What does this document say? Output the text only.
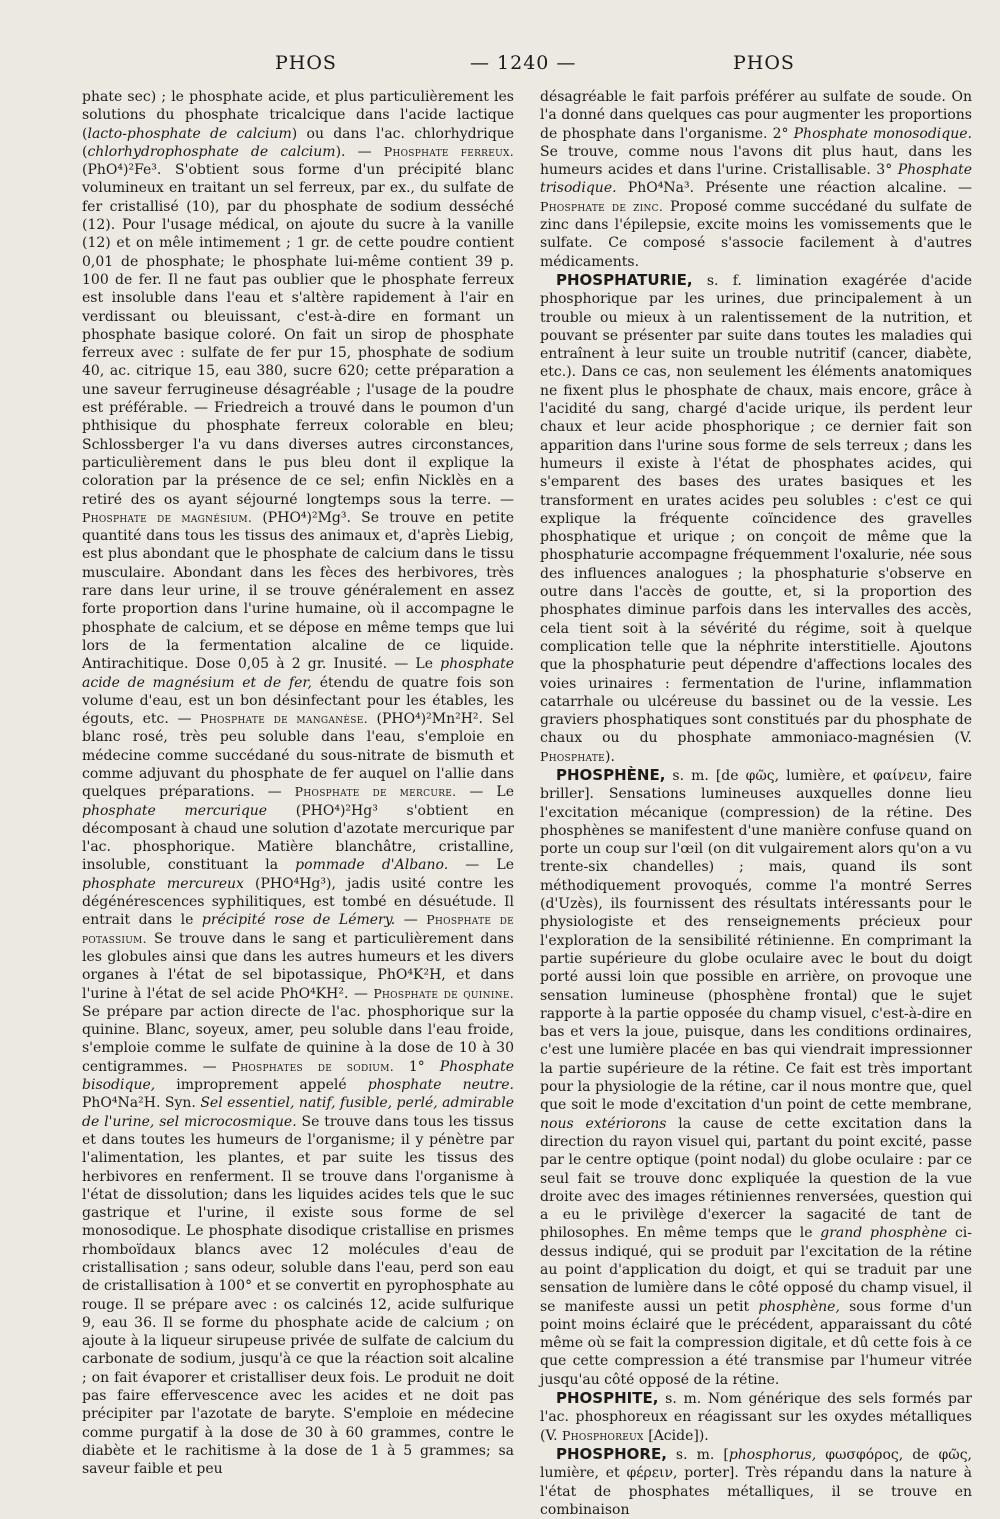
PHOS	— 1240 —	PHOS

phate sec) ; le phosphate acide, et plus particulièrement les solutions du phosphate tricalcique dans l'acide lactique (lacto-phosphate de calcium) ou dans l'ac. chlorhydrique (chlorhydrophosphate de calcium). — Phosphate ferreux. (PhO⁴)²Fe³. S'obtient sous forme d'un précipité blanc volumineux en traitant un sel ferreux, par ex., du sulfate de fer cristallisé (10), par du phosphate de sodium desséché (12). Pour l'usage médical, on ajoute du sucre à la vanille (12) et on mêle intimement ; 1 gr. de cette poudre contient 0,01 de phosphate; le phosphate lui-même contient 39 p. 100 de fer. Il ne faut pas oublier que le phosphate ferreux est insoluble dans l'eau et s'altère rapidement à l'air en verdissant ou bleuissant, c'est-à-dire en formant un phosphate basique coloré. On fait un sirop de phosphate ferreux avec : sulfate de fer pur 15, phosphate de sodium 40, ac. citrique 15, eau 380, sucre 620; cette préparation a une saveur ferrugineuse désagréable ; l'usage de la poudre est préférable. — Friedreich a trouvé dans le poumon d'un phthisique du phosphate ferreux colorable en bleu; Schlossberger l'a vu dans diverses autres circonstances, particulièrement dans le pus bleu dont il explique la coloration par la présence de ce sel; enfin Nicklès en a retiré des os ayant séjourné longtemps sous la terre. — Phosphate de magnésium. (PHO⁴)²Mg³. Se trouve en petite quantité dans tous les tissus des animaux et, d'après Liebig, est plus abondant que le phosphate de calcium dans le tissu musculaire. Abondant dans les fèces des herbivores, très rare dans leur urine, il se trouve généralement en assez forte proportion dans l'urine humaine, où il accompagne le phosphate de calcium, et se dépose en même temps que lui lors de la fermentation alcaline de ce liquide. Antirachitique. Dose 0,05 à 2 gr. Inusité. — Le phosphate acide de magnésium et de fer, étendu de quatre fois son volume d'eau, est un bon désinfectant pour les étables, les égouts, etc. — Phosphate de manganèse. (PHO⁴)²Mn²H². Sel blanc rosé, très peu soluble dans l'eau, s'emploie en médecine comme succédané du sous-nitrate de bismuth et comme adjuvant du phosphate de fer auquel on l'allie dans quelques préparations. — Phosphate de mercure. — Le phosphate mercurique (PHO⁴)²Hg³ s'obtient en décomposant à chaud une solution d'azotate mercurique par l'ac. phosphorique. Matière blanchâtre, cristalline, insoluble, constituant la pommade d'Albano. — Le phosphate mercureux (PHO⁴Hg³), jadis usité contre les dégénérescences syphilitiques, est tombé en désuétude. Il entrait dans le précipité rose de Lémery. — Phosphate de potassium. Se trouve dans le sang et particulièrement dans les globules ainsi que dans les autres humeurs et les divers organes à l'état de sel bipotassique, PhO⁴K²H, et dans l'urine à l'état de sel acide PhO⁴KH². — Phosphate de quinine. Se prépare par action directe de l'ac. phosphorique sur la quinine. Blanc, soyeux, amer, peu soluble dans l'eau froide, s'emploie comme le sulfate de quinine à la dose de 10 à 30 centigrammes. — Phosphates de sodium. 1° Phosphate bisodique, improprement appelé phosphate neutre. PhO⁴Na²H. Syn. Sel essentiel, natif, fusible, perlé, admirable de l'urine, sel microcosmique. Se trouve dans tous les tissus et dans toutes les humeurs de l'organisme; il y pénètre par l'alimentation, les plantes, et par suite les tissus des herbivores en renferment. Il se trouve dans l'organisme à l'état de dissolution; dans les liquides acides tels que le suc gastrique et l'urine, il existe sous forme de sel monosodique. Le phosphate disodique cristallise en prismes rhomboïdaux blancs avec 12 molécules d'eau de cristallisation ; sans odeur, soluble dans l'eau, perd son eau de cristallisation à 100° et se convertit en pyrophosphate au rouge. Il se prépare avec : os calcinés 12, acide sulfurique 9, eau 36. Il se forme du phosphate acide de calcium ; on ajoute à la liqueur sirupeuse privée de sulfate de calcium du carbonate de sodium, jusqu'à ce que la réaction soit alcaline ; on fait évaporer et cristalliser deux fois. Le produit ne doit pas faire effervescence avec les acides et ne doit pas précipiter par l'azotate de baryte. S'emploie en médecine comme purgatif à la dose de 30 à 60 grammes, contre le diabète et le rachitisme à la dose de 1 à 5 grammes; sa saveur faible et peu

désagréable le fait parfois préférer au sulfate de soude. On l'a donné dans quelques cas pour augmenter les proportions de phosphate dans l'organisme. 2° Phosphate monosodique. Se trouve, comme nous l'avons dit plus haut, dans les humeurs acides et dans l'urine. Cristallisable. 3° Phosphate trisodique. PhO⁴Na³. Présente une réaction alcaline. — Phosphate de zinc. Proposé comme succédané du sulfate de zinc dans l'épilepsie, excite moins les vomissements que le sulfate. Ce composé s'associe facilement à d'autres médicaments.

PHOSPHATURIE, s. f. limination exagérée d'acide phosphorique par les urines, due principalement à un trouble ou mieux à un ralentissement de la nutrition, et pouvant se présenter par suite dans toutes les maladies qui entraînent à leur suite un trouble nutritif (cancer, diabète, etc.). Dans ce cas, non seulement les éléments anatomiques ne fixent plus le phosphate de chaux, mais encore, grâce à l'acidité du sang, chargé d'acide urique, ils perdent leur chaux et leur acide phosphorique ; ce dernier fait son apparition dans l'urine sous forme de sels terreux ; dans les humeurs il existe à l'état de phosphates acides, qui s'emparent des bases des urates basiques et les transforment en urates acides peu solubles : c'est ce qui explique la fréquente coïncidence des gravelles phosphatique et urique ; on conçoit de même que la phosphaturie accompagne fréquemment l'oxalurie, née sous des influences analogues ; la phosphaturie s'observe en outre dans l'accès de goutte, et, si la proportion des phosphates diminue parfois dans les intervalles des accès, cela tient soit à la sévérité du régime, soit à quelque complication telle que la néphrite interstitielle. Ajoutons que la phosphaturie peut dépendre d'affections locales des voies urinaires : fermentation de l'urine, inflammation catarrhale ou ulcéreuse du bassinet ou de la vessie. Les graviers phosphatiques sont constitués par du phosphate de chaux ou du phosphate ammoniaco-magnésien (V. Phosphate).

PHOSPHÈNE, s. m. [de φῶς, lumière, et φαίνειν, faire briller]. Sensations lumineuses auxquelles donne lieu l'excitation mécanique (compression) de la rétine. Des phosphènes se manifestent d'une manière confuse quand on porte un coup sur l'œil (on dit vulgairement alors qu'on a vu trente-six chandelles) ; mais, quand ils sont méthodiquement provoqués, comme l'a montré Serres (d'Uzès), ils fournissent des résultats intéressants pour le physiologiste et des renseignements précieux pour l'exploration de la sensibilité rétinienne. En comprimant la partie supérieure du globe oculaire avec le bout du doigt porté aussi loin que possible en arrière, on provoque une sensation lumineuse (phosphène frontal) que le sujet rapporte à la partie opposée du champ visuel, c'est-à-dire en bas et vers la joue, puisque, dans les conditions ordinaires, c'est une lumière placée en bas qui viendrait impressionner la partie supérieure de la rétine. Ce fait est très important pour la physiologie de la rétine, car il nous montre que, quel que soit le mode d'excitation d'un point de cette membrane, nous extériorons la cause de cette excitation dans la direction du rayon visuel qui, partant du point excité, passe par le centre optique (point nodal) du globe oculaire : par ce seul fait se trouve donc expliquée la question de la vue droite avec des images rétiniennes renversées, question qui a eu le privilège d'exercer la sagacité de tant de philosophes. En même temps que le grand phosphène ci-dessus indiqué, qui se produit par l'excitation de la rétine au point d'application du doigt, et qui se traduit par une sensation de lumière dans le côté opposé du champ visuel, il se manifeste aussi un petit phosphène, sous forme d'un point moins éclairé que le précédent, apparaissant du côté même où se fait la compression digitale, et dû cette fois à ce que cette compression a été transmise par l'humeur vitrée jusqu'au côté opposé de la rétine.

PHOSPHITE, s. m. Nom générique des sels formés par l'ac. phosphoreux en réagissant sur les oxydes métalliques (V. Phosphoreux [Acide]).

PHOSPHORE, s. m. [phosphorus, φωσφόρος, de φῶς, lumière, et φέρειν, porter]. Très répandu dans la nature à l'état de phosphates métalliques, il se trouve en combinaison
